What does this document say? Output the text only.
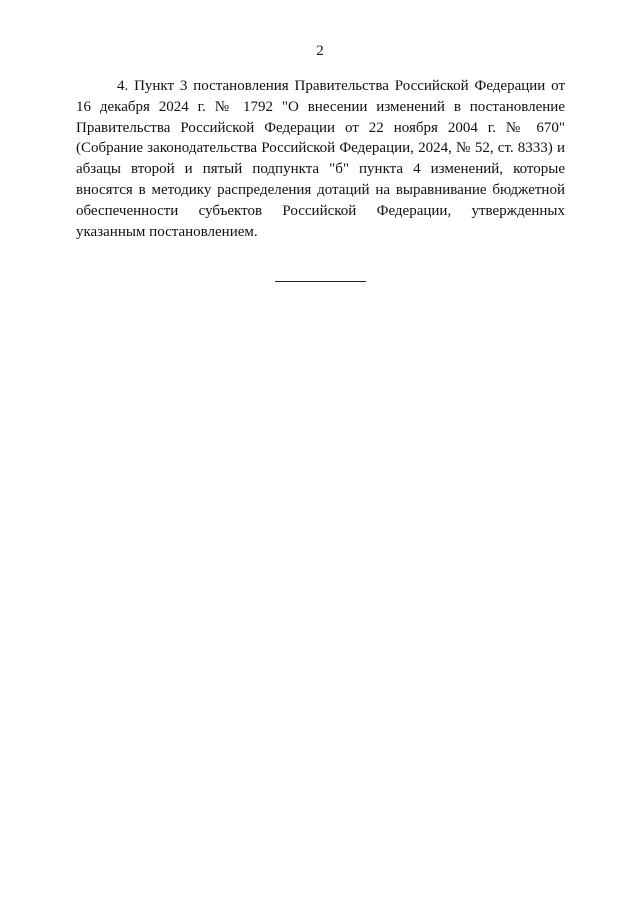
2

4. Пункт 3 постановления Правительства Российской Федерации от 16 декабря 2024 г. № 1792 "О внесении изменений в постановление Правительства Российской Федерации от 22 ноября 2004 г. № 670" (Собрание законодательства Российской Федерации, 2024, № 52, ст. 8333) и абзацы второй и пятый подпункта "б" пункта 4 изменений, которые вносятся в методику распределения дотаций на выравнивание бюджетной обеспеченности субъектов Российской Федерации, утвержденных указанным постановлением.
